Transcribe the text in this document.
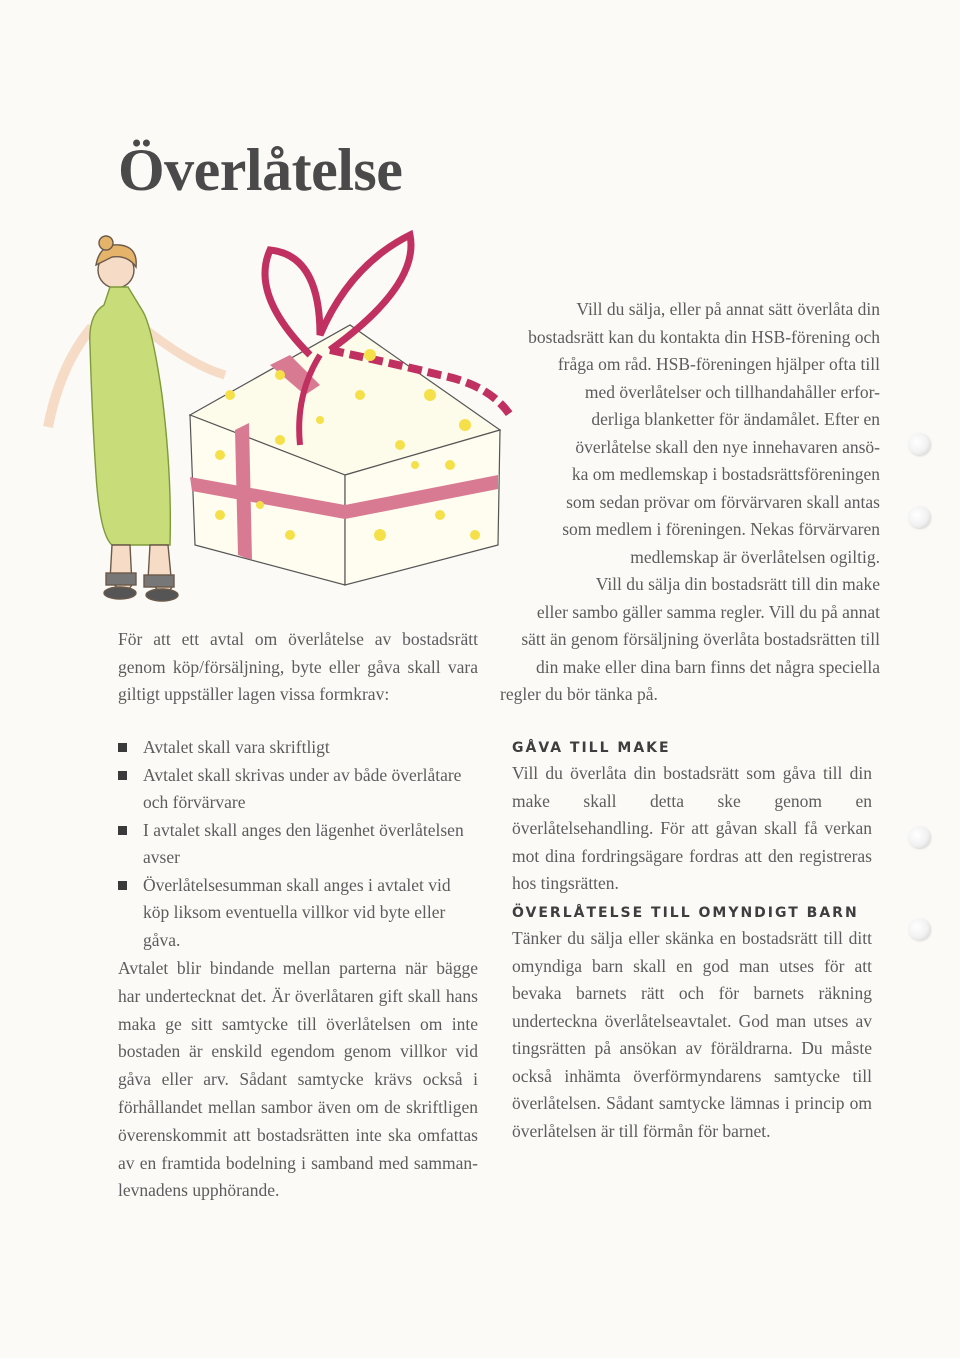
Överlåtelse

Vill du sälja, eller på annat sätt överlåta din
bostadsrätt kan du kontakta din HSB-förening och
fråga om råd. HSB-föreningen hjälper ofta till
med överlåtelser och tillhandahåller erfor-
derliga blanketter för ändamålet. Efter en
överlåtelse skall den nye innehavaren ansö-
ka om medlemskap i bostadsrättsföreningen
som sedan prövar om förvärvaren skall antas
som medlem i föreningen. Nekas förvärvaren
medlemskap är överlåtelsen ogiltig.

Vill du sälja din bostadsrätt till din make
eller sambo gäller samma regler. Vill du på annat
sätt än genom försäljning överlåta bostadsrätten till
din make eller dina barn finns det några speciella
regler du bör tänka på.

För att ett avtal om överlåtelse av bostadsrätt genom köp/försäljning, byte eller gåva skall vara giltigt uppställer lagen vissa formkrav:

Avtalet skall vara skriftligt
Avtalet skall skrivas under av både överlåtare och förvärvare
I avtalet skall anges den lägenhet överlåtelsen avser
Överlåtelsesumman skall anges i avtalet vid köp liksom eventuella villkor vid byte eller gåva.

Avtalet blir bindande mellan parterna när bägge har undertecknat det. Är överlåtaren gift skall hans maka ge sitt samtycke till överlåtelsen om inte bostaden är enskild egendom genom villkor vid gåva eller arv. Sådant samtycke krävs också i förhållandet mellan sambor även om de skriftligen överenskommit att bostadsrätten inte ska omfattas av en framtida bodelning i samband med sammanlevnadens upphörande.

GÅVA TILL MAKE

Vill du överlåta din bostadsrätt som gåva till din make skall detta ske genom en överlåtelsehandling. För att gåvan skall få verkan mot dina fordringsägare fordras att den registreras hos tingsrätten.

ÖVERLÅTELSE TILL OMYNDIGT BARN

Tänker du sälja eller skänka en bostadsrätt till ditt omyndiga barn skall en god man utses för att bevaka barnets rätt och för barnets räkning underteckna överlåtelseavtalet. God man utses av tingsrätten på ansökan av föräldrarna. Du måste också inhämta överförmyndarens samtycke till överlåtelsen. Sådant samtycke lämnas i princip om överlåtelsen är till förmån för barnet.
